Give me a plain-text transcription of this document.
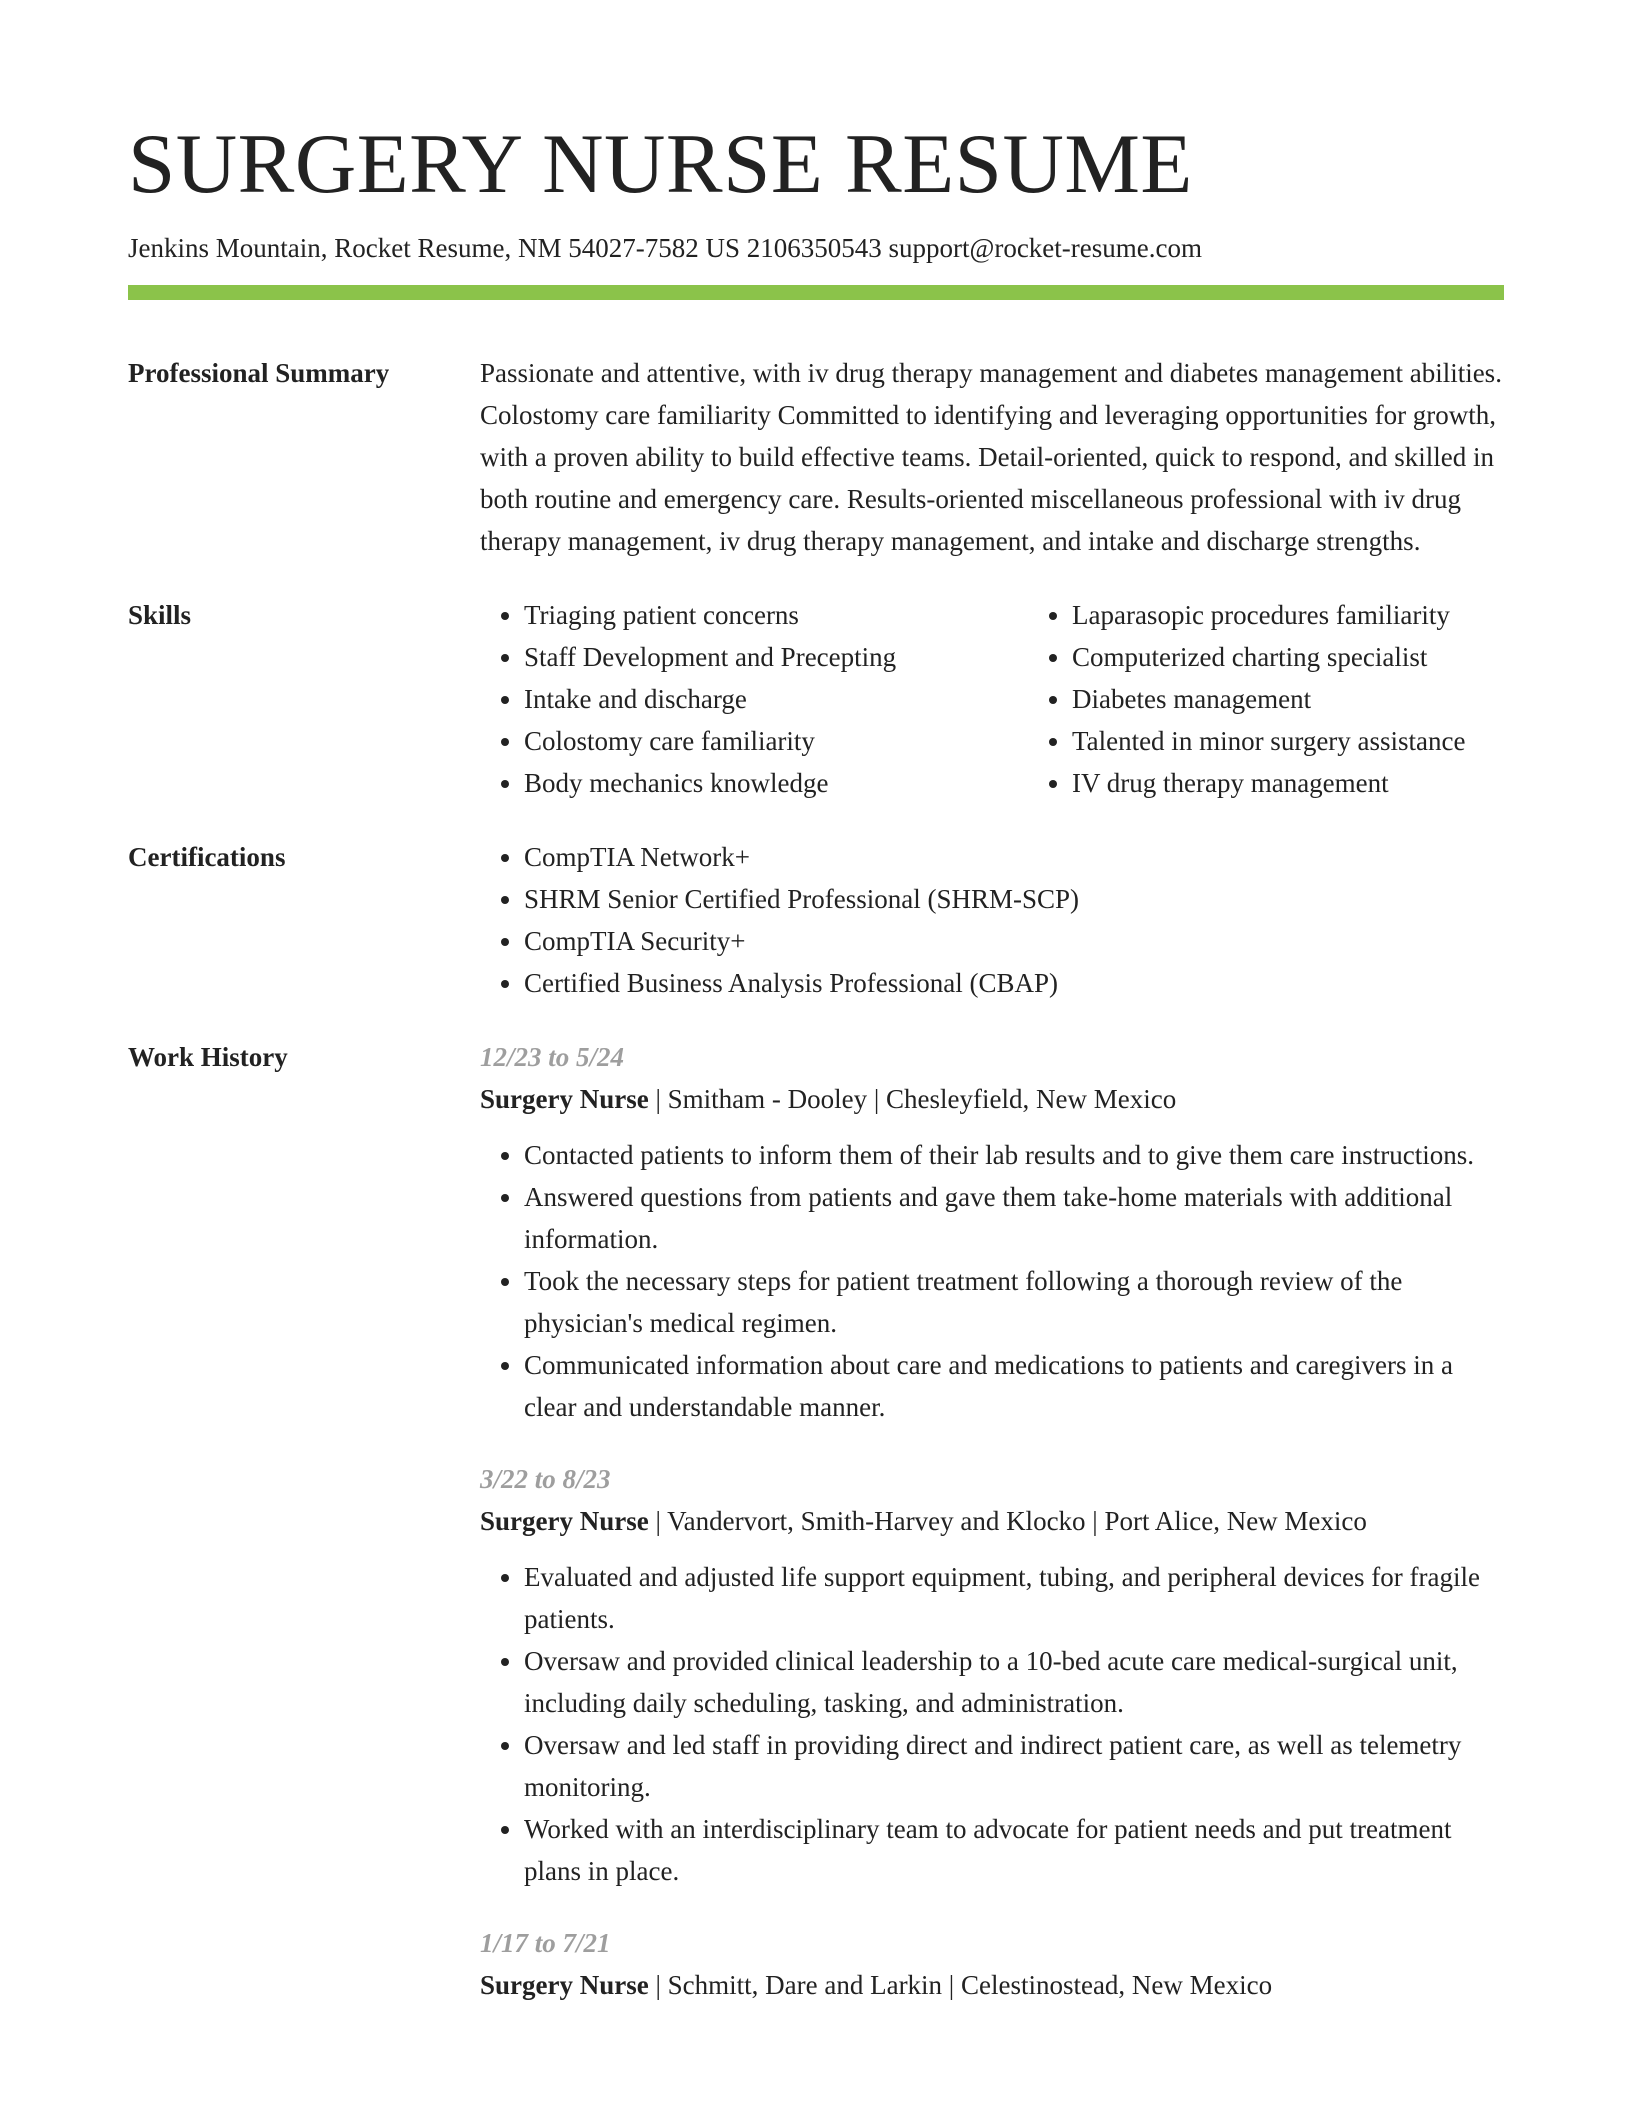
SURGERY NURSE RESUME
Jenkins Mountain, Rocket Resume, NM 54027-7582 US 2106350543 support@rocket-resume.com
Professional Summary	Passionate and attentive, with iv drug therapy management and diabetes management abilities. Colostomy care familiarity Committed to identifying and leveraging opportunities for growth, with a proven ability to build effective teams. Detail-oriented, quick to respond, and skilled in both routine and emergency care. Results-oriented miscellaneous professional with iv drug therapy management, iv drug therapy management, and intake and discharge strengths.

Skills	• Triaging patient concerns
• Staff Development and Precepting
• Intake and discharge
• Colostomy care familiarity
• Body mechanics knowledge
• Laparasopic procedures familiarity
• Computerized charting specialist
• Diabetes management
• Talented in minor surgery assistance
• IV drug therapy management
Certifications	• CompTIA Network+
• SHRM Senior Certified Professional (SHRM-SCP)
• CompTIA Security+
• Certified Business Analysis Professional (CBAP)
Work History	12/23 to 5/24
Surgery Nurse | Smitham - Dooley | Chesleyfield, New Mexico
• Contacted patients to inform them of their lab results and to give them care instructions.
• Answered questions from patients and gave them take-home materials with additional information.
• Took the necessary steps for patient treatment following a thorough review of the physician's medical regimen.
• Communicated information about care and medications to patients and caregivers in a clear and understandable manner.
3/22 to 8/23
Surgery Nurse | Vandervort, Smith-Harvey and Klocko | Port Alice, New Mexico
• Evaluated and adjusted life support equipment, tubing, and peripheral devices for fragile patients.
• Oversaw and provided clinical leadership to a 10-bed acute care medical-surgical unit, including daily scheduling, tasking, and administration.
• Oversaw and led staff in providing direct and indirect patient care, as well as telemetry monitoring.
• Worked with an interdisciplinary team to advocate for patient needs and put treatment plans in place.
1/17 to 7/21
Surgery Nurse | Schmitt, Dare and Larkin | Celestinostead, New Mexico
